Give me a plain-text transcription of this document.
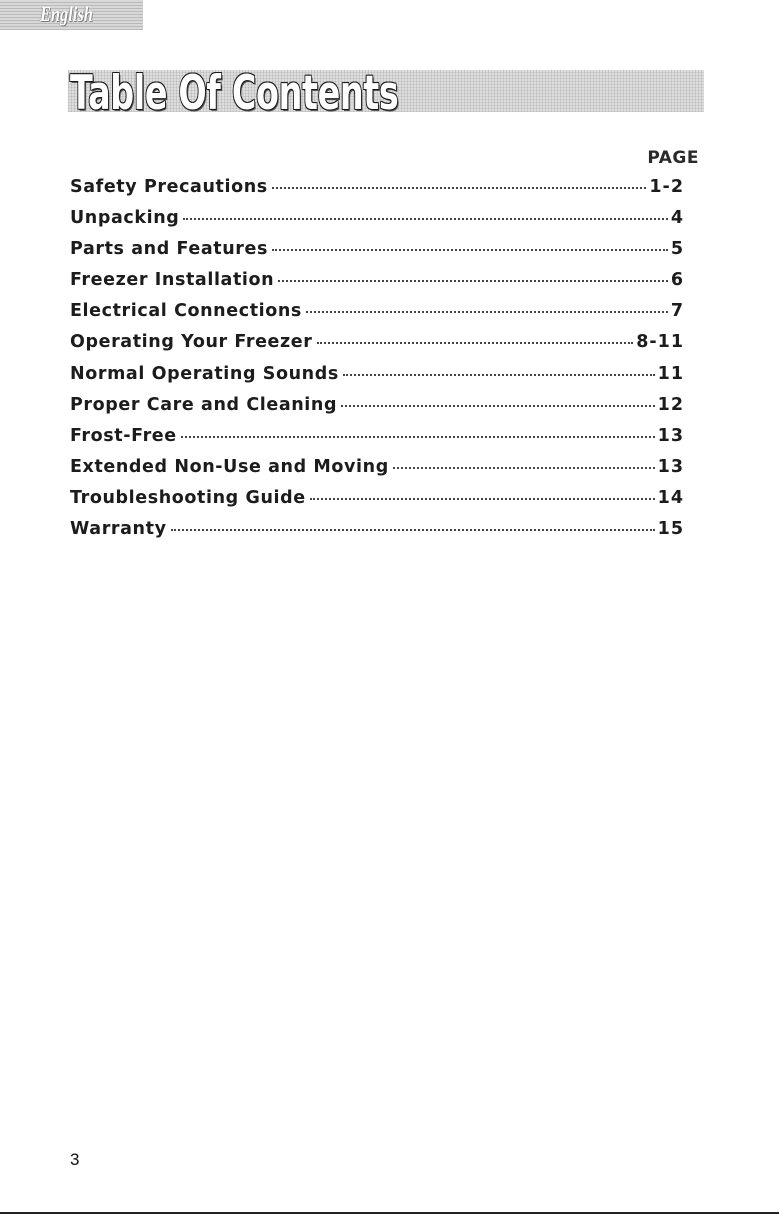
English
Table Of Contents
PAGE
Safety Precautions	1-2
Unpacking	4
Parts and Features	5
Freezer Installation	6
Electrical Connections	7
Operating Your Freezer	8-11
Normal Operating Sounds	11
Proper Care and Cleaning	12
Frost-Free	13
Extended Non-Use and Moving	13
Troubleshooting Guide	14
Warranty	15
3
